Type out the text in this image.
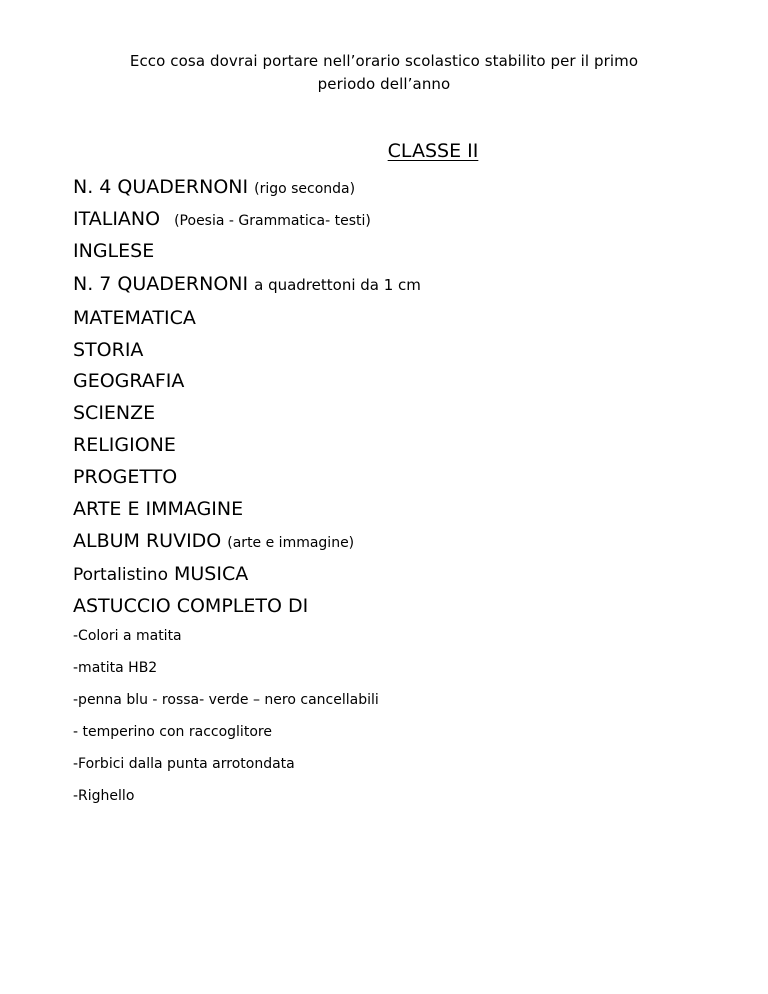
Ecco cosa dovrai portare nell’orario scolastico stabilito per il primo
periodo dell’anno
CLASSE II
N. 4 QUADERNONI (rigo seconda)
ITALIANO (Poesia - Grammatica- testi)
INGLESE
N. 7 QUADERNONI a quadrettoni da 1 cm
MATEMATICA
STORIA
GEOGRAFIA
SCIENZE
RELIGIONE
PROGETTO
ARTE E IMMAGINE
ALBUM RUVIDO (arte e immagine)
Portalistino MUSICA
ASTUCCIO COMPLETO DI
-Colori a matita
-matita HB2
-penna blu - rossa- verde – nero cancellabili
- temperino con raccoglitore
-Forbici dalla punta arrotondata
-Righello
